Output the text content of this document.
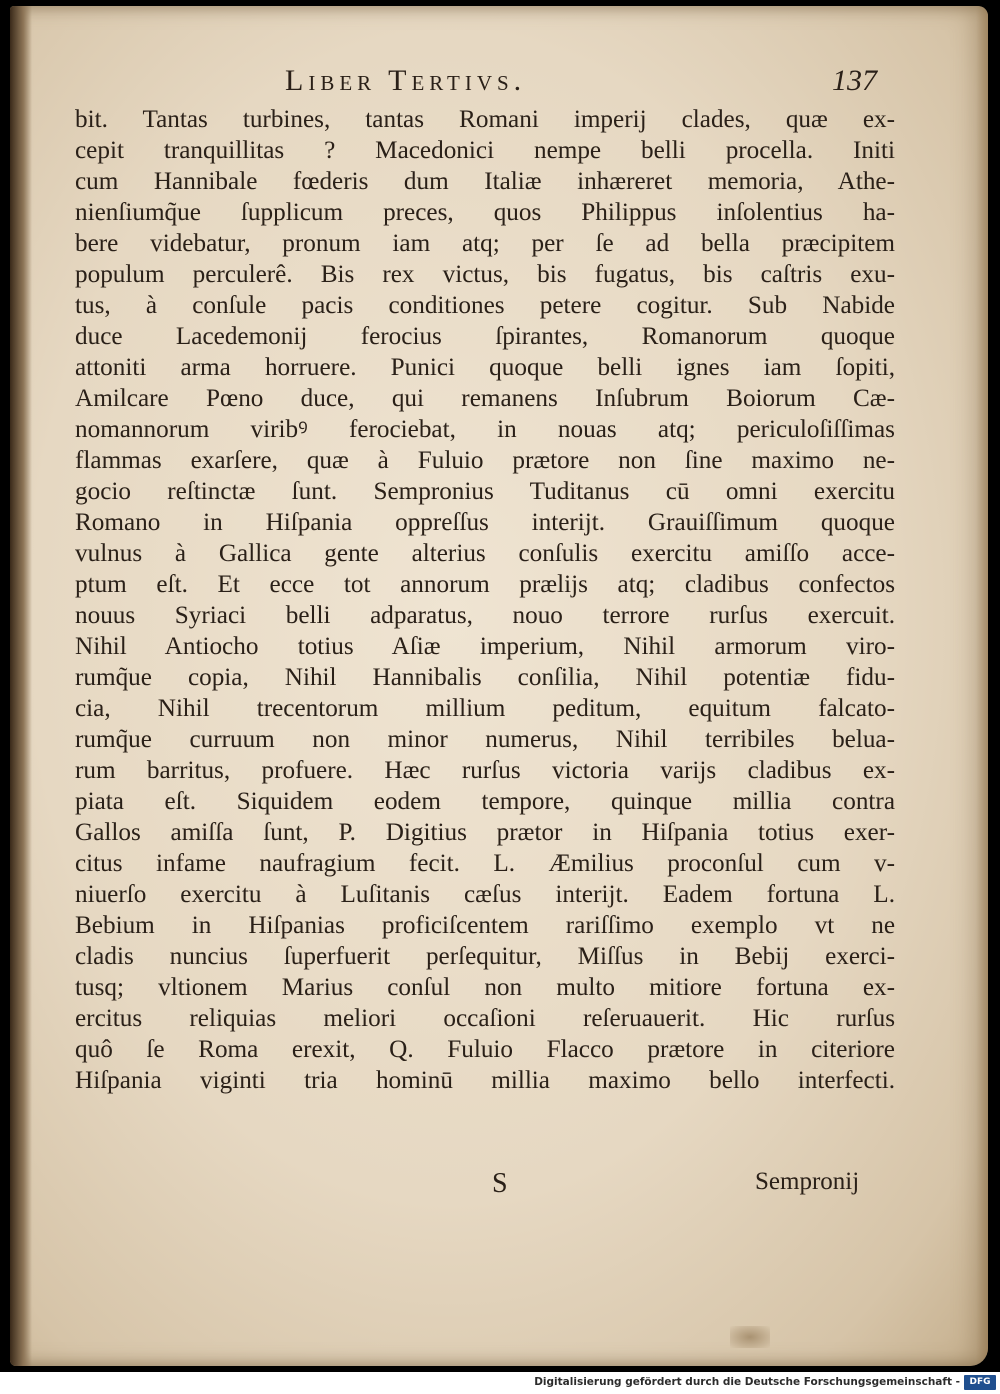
Liber Tertivs.	137
bit. Tantas turbines, tantas Romani imperij clades, quæ ex-
cepit tranquillitas ? Macedonici nempe belli procella. Initi
cum Hannibale fœderis dum Italiæ inhæreret memoria, Athe-
nienſiumq̃ue ſupplicum preces, quos Philippus inſolentius ha-
bere videbatur, pronum iam atq; per ſe ad bella præcipitem
populum perculerê. Bis rex victus, bis fugatus, bis caſtris exu-
tus, à conſule pacis conditiones petere cogitur. Sub Nabide
duce Lacedemonij ferocius ſpirantes, Romanorum quoque
attoniti arma horruere. Punici quoque belli ignes iam ſopiti,
Amilcare Pœno duce, qui remanens Inſubrum Boiorum Cæ-
nomannorum viribꝰ ferociebat, in nouas atq; periculoſiſſimas
flammas exarſere, quæ à Fuluio prætore non ſine maximo ne-
gocio reſtinctæ ſunt. Sempronius Tuditanus cū omni exercitu
Romano in Hiſpania oppreſſus interijt. Grauiſſimum quoque
vulnus à Gallica gente alterius conſulis exercitu amiſſo acce-
ptum eſt. Et ecce tot annorum prælijs atq; cladibus confectos
nouus Syriaci belli adparatus, nouo terrore rurſus exercuit.
Nihil Antiocho totius Aſiæ imperium, Nihil armorum viro-
rumq̃ue copia, Nihil Hannibalis conſilia, Nihil potentiæ fidu-
cia, Nihil trecentorum millium peditum, equitum falcato-
rumq̃ue curruum non minor numerus, Nihil terribiles belua-
rum barritus, profuere. Hæc rurſus victoria varijs cladibus ex-
piata eſt. Siquidem eodem tempore, quinque millia contra
Gallos amiſſa ſunt, P. Digitius prætor in Hiſpania totius exer-
citus infame naufragium fecit. L. Æmilius proconſul cum v-
niuerſo exercitu à Luſitanis cæſus interijt. Eadem fortuna L.
Bebium in Hiſpanias proficiſcentem rariſſimo exemplo vt ne
cladis nuncius ſuperfuerit perſequitur, Miſſus in Bebij exerci-
tusq; vltionem Marius conſul non multo mitiore fortuna ex-
ercitus reliquias meliori occaſioni reſeruauerit. Hic rurſus
quô ſe Roma erexit, Q. Fuluio Flacco prætore in citeriore
Hiſpania viginti tria hominū millia maximo bello interfecti.
S	Sempronij
Digitalisierung gefördert durch die Deutsche Forschungsgemeinschaft -	DFG
